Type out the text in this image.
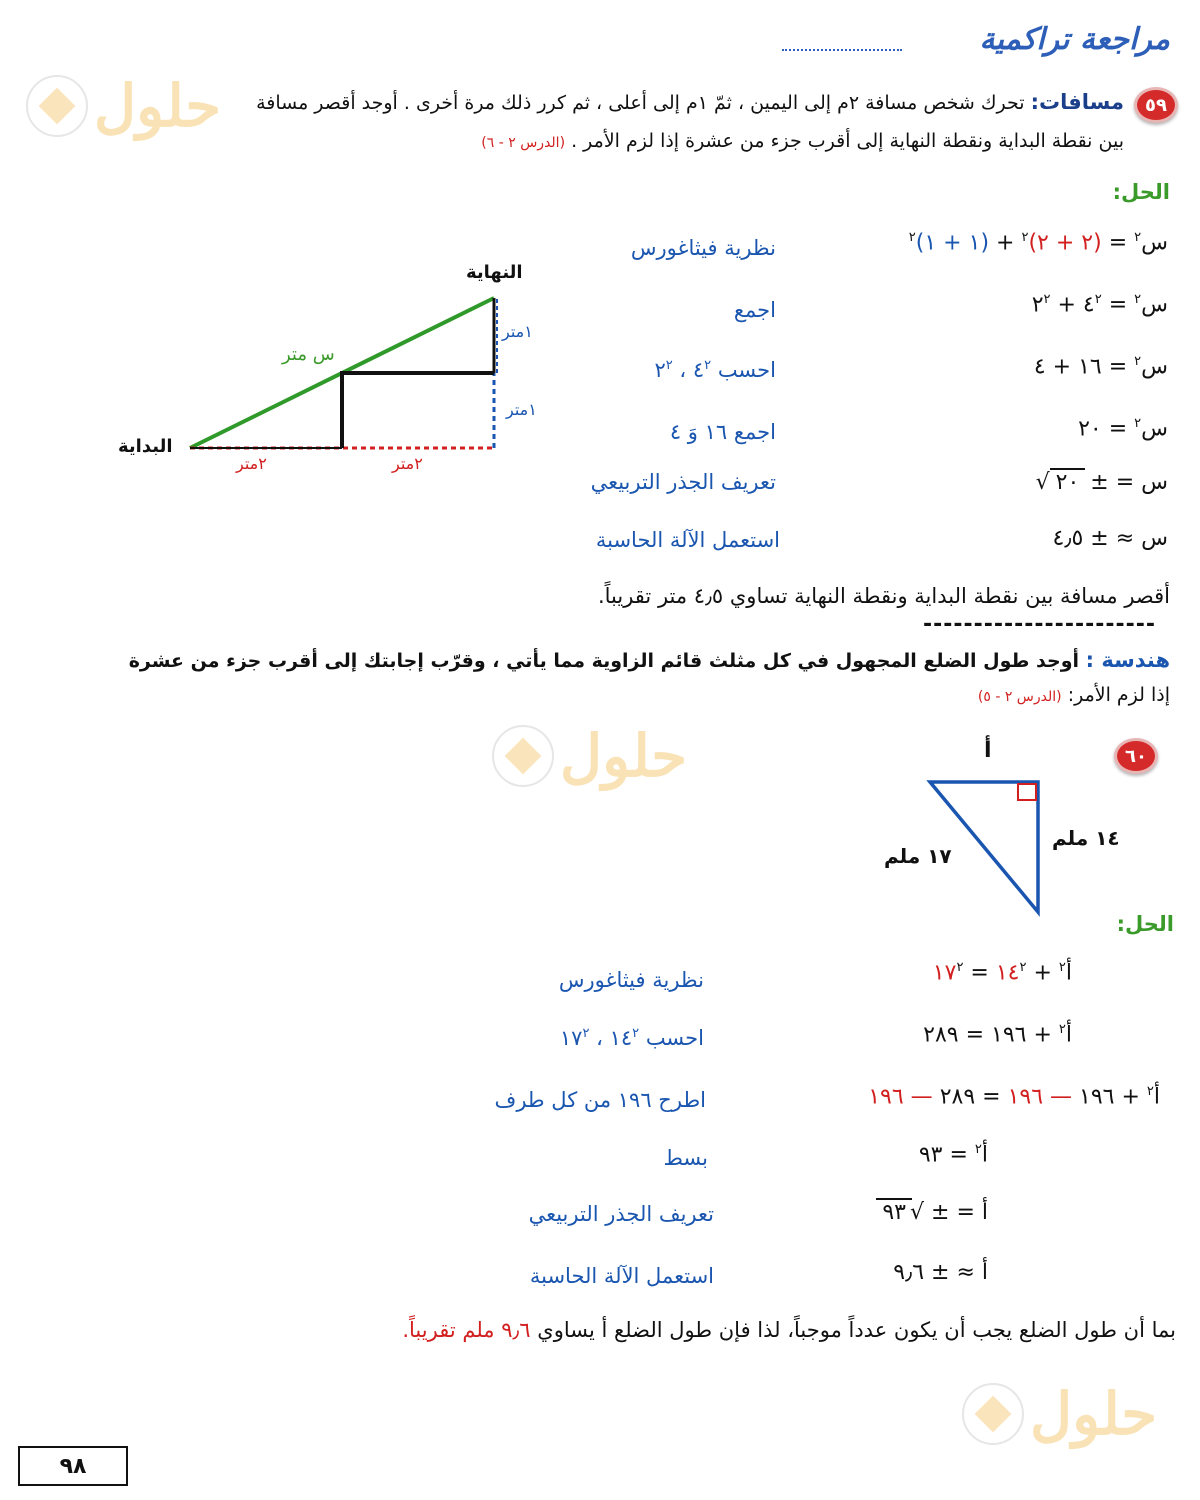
مراجعة تراكمية
حلول
حلول
حلول
٥٩
مسافات: تحرك شخص مسافة ٢م إلى اليمين ، ثمّ ١م إلى أعلى ، ثم كرر ذلك مرة أخرى . أوجد أقصر مسافة
بين نقطة البداية ونقطة النهاية إلى أقرب جزء من عشرة إذا لزم الأمر . (الدرس ٢ - ٦)
الحل:
س$^٢$ = (٢ + ٢)$^٢$ + (١ + ١)$^٢$
نظرية فيثاغورس
س$^٢$ = $٤^٢$ + $٢^٢$
اجمع
س$^٢$ = ١٦ + ٤
احسب $٤^٢$ ، $٢^٢$
س$^٢$ = ٢٠
اجمع ١٦ وَ ٤
س = ± ٢٠√
تعريف الجذر التربيعي
س ≈ ± ٤٫٥
استعمل الآلة الحاسبة
النهاية
البداية
س متر
١متر
١متر
٢متر	٢متر
أقصر مسافة بين نقطة البداية ونقطة النهاية تساوي ٤٫٥ متر تقريباً.
-----------------------
هندسة : أوجد طول الضلع المجهول في كل مثلث قائم الزاوية مما يأتي ، وقرّب إجابتك إلى أقرب جزء من عشرة
إذا لزم الأمر: (الدرس ٢ - ٥)
٦٠
أ
١٤ ملم
١٧ ملم
الحل:
أ$^٢$ + $١٤^٢$ = $١٧^٢$
نظرية فيثاغورس
أ$^٢$ + ١٩٦ = ٢٨٩
احسب $١٤^٢$ ، $١٧^٢$
أ$^٢$ + ١٩٦ — ١٩٦ = ٢٨٩ — ١٩٦
اطرح ١٩٦ من كل طرف
أ$^٢$ = ٩٣
بسط
أ = ± √٩٣
تعريف الجذر التربيعي
أ ≈ ± ٩٫٦
استعمل الآلة الحاسبة
بما أن طول الضلع يجب أن يكون عدداً موجباً، لذا فإن طول الضلع أ يساوي ٩٫٦ ملم تقريباً.
٩٨
